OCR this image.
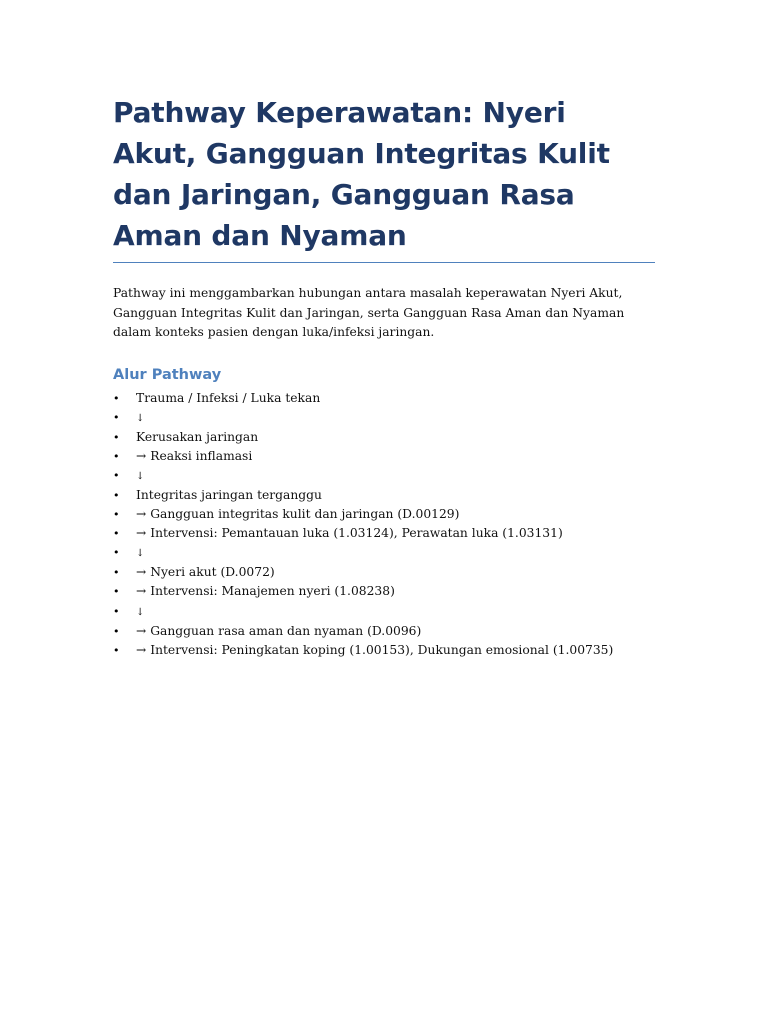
Pathway Keperawatan: Nyeri Akut, Gangguan Integritas Kulit dan Jaringan, Gangguan Rasa Aman dan Nyaman

Pathway ini menggambarkan hubungan antara masalah keperawatan Nyeri Akut, Gangguan Integritas Kulit dan Jaringan, serta Gangguan Rasa Aman dan Nyaman dalam konteks pasien dengan luka/infeksi jaringan.

Alur Pathway
• Trauma / Infeksi / Luka tekan
• ↓
• Kerusakan jaringan
• → Reaksi inflamasi
• ↓
• Integritas jaringan terganggu
• → Gangguan integritas kulit dan jaringan (D.00129)
• → Intervensi: Pemantauan luka (1.03124), Perawatan luka (1.03131)
• ↓
• → Nyeri akut (D.0072)
• → Intervensi: Manajemen nyeri (1.08238)
• ↓
• → Gangguan rasa aman dan nyaman (D.0096)
• → Intervensi: Peningkatan koping (1.00153), Dukungan emosional (1.00735)
